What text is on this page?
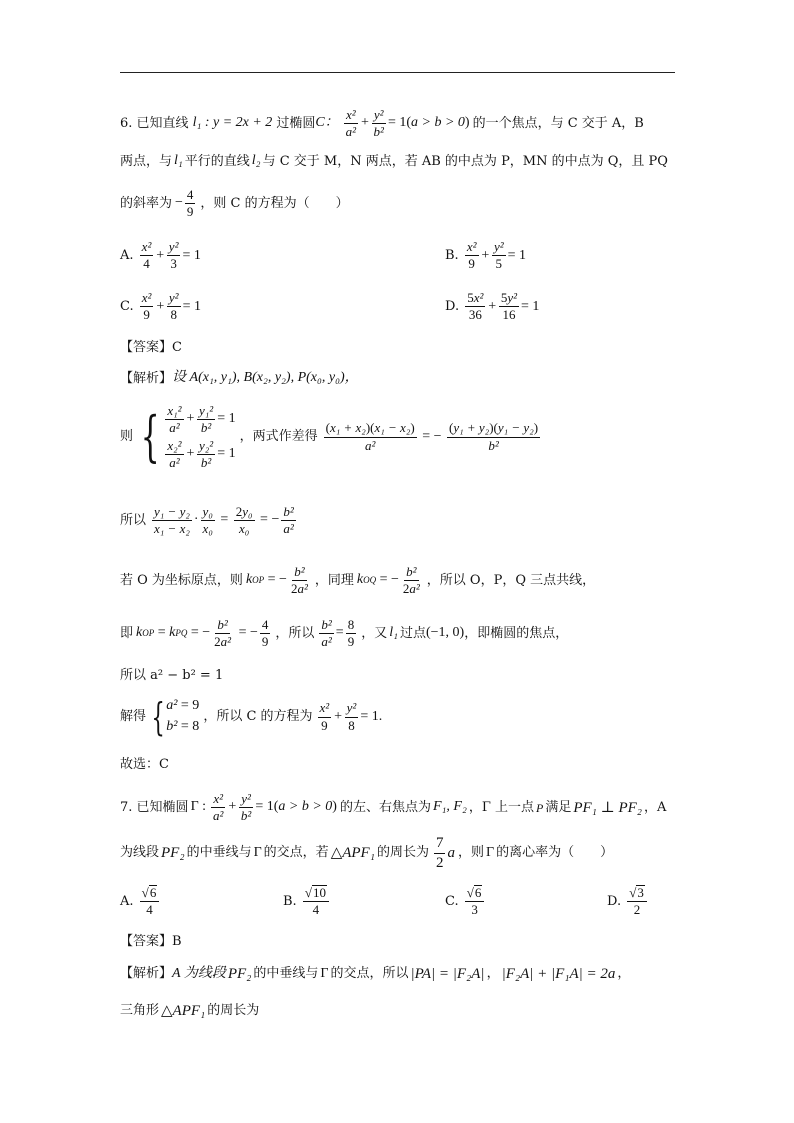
6.
已知直线 l₁ : y = 2x + 2 过椭圆 C： $\frac{\text{x²}}{\text{a²}} + \frac{\text{y²}}{\text{b²}} = 1$( a > b > 0 ) 的一个焦点，与 C 交于 A，B
两点，与 l₁ 平行的直线 l₂ 与 C 交于 M，N 两点，若 AB 的中点为 P，MN 的中点为 Q，且 PQ
的斜率为 − $\frac{4}{9}$ ，则 C 的方程为（　　）
A.
$\frac{\text{x²}}{4} + \frac{\text{y²}}{3} = 1$	B.
$\frac{\text{x²}}{9} + \frac{\text{y²}}{5} = 1$
C.
$\frac{\text{x²}}{9} + \frac{\text{y²}}{8} = 1$	D.
$\frac{\text{5x²}}{36} + \frac{\text{5y²}}{16} = 1$
【答案】C
【解析】 设 A(x₁, y₁), B(x₂, y₂), P(x₀, y₀)，
则 { $\frac{\text{x₁²}}{\text{a²}} + \frac{\text{y₁²}}{\text{b²}} = 1$
$\frac{\text{x₂²}}{\text{a²}} + \frac{\text{y₂²}}{\text{b²}} = 1$
，两式作差得 $\frac{\text{(x₁ + x₂)(x₁ − x₂)}}{\text{a²}}$ = − $\frac{\text{(y₁ + y₂)(y₁ − y₂)}}{\text{b²}}$
所以 $\frac{\text{y₁ − y₂}}{\text{x₁ − x₂}} \cdot \frac{\text{y₀}}{\text{x₀}} = \frac{\text{2y₀}}{\text{x₀}}$ = − $\frac{\text{b²}}{\text{a²}}$
若 O 为坐标原点，则 k OP = − $\frac{\text{b²}}{\text{2a²}}$ ，同理 k OQ = − $\frac{\text{b²}}{\text{2a²}}$ ，所以 O，P，Q 三点共线，
即 k OP = k PQ = − $\frac{\text{b²}}{\text{2a²}}$ = − $\frac{4}{9}$ ，所以 $\frac{\text{b²}}{\text{a²}} = \frac{8}{9}$ ，又 l₁ 过点 (−1, 0) ，即椭圆的焦点，
所以 a² − b² = 1
解得 { a² = 9
b² = 8
，所以 C 的方程为 $\frac{\text{x²}}{9} + \frac{\text{y²}}{8} = 1$.
故选：C
7.
已知椭圆 Γ : $\frac{\text{x²}}{\text{a²}} + \frac{\text{y²}}{\text{b²}} = 1$( a > b > 0 ) 的左、右焦点为 F₁, F₂ ，Γ 上一点 P 满足 PF₁ ⊥ PF₂ ，A
为线段 PF₂ 的中垂线与 Γ 的交点，若 △APF₁ 的周长为 $\frac{7}{2}$ a ，则 Γ 的离心率为（　　）
A.
$\frac{√ 6}{4}$	B.
$\frac{√ 10}{4}$	C.
$\frac{√ 6}{3}$	D.
$\frac{√ 3}{2}$
【答案】B
【解析】 A 为线段 PF₂ 的中垂线与 Γ 的交点，所以 |PA| = |F₂A| ， |F₂A| + |F₁A| = 2a ，
三角形 △APF₁ 的周长为
